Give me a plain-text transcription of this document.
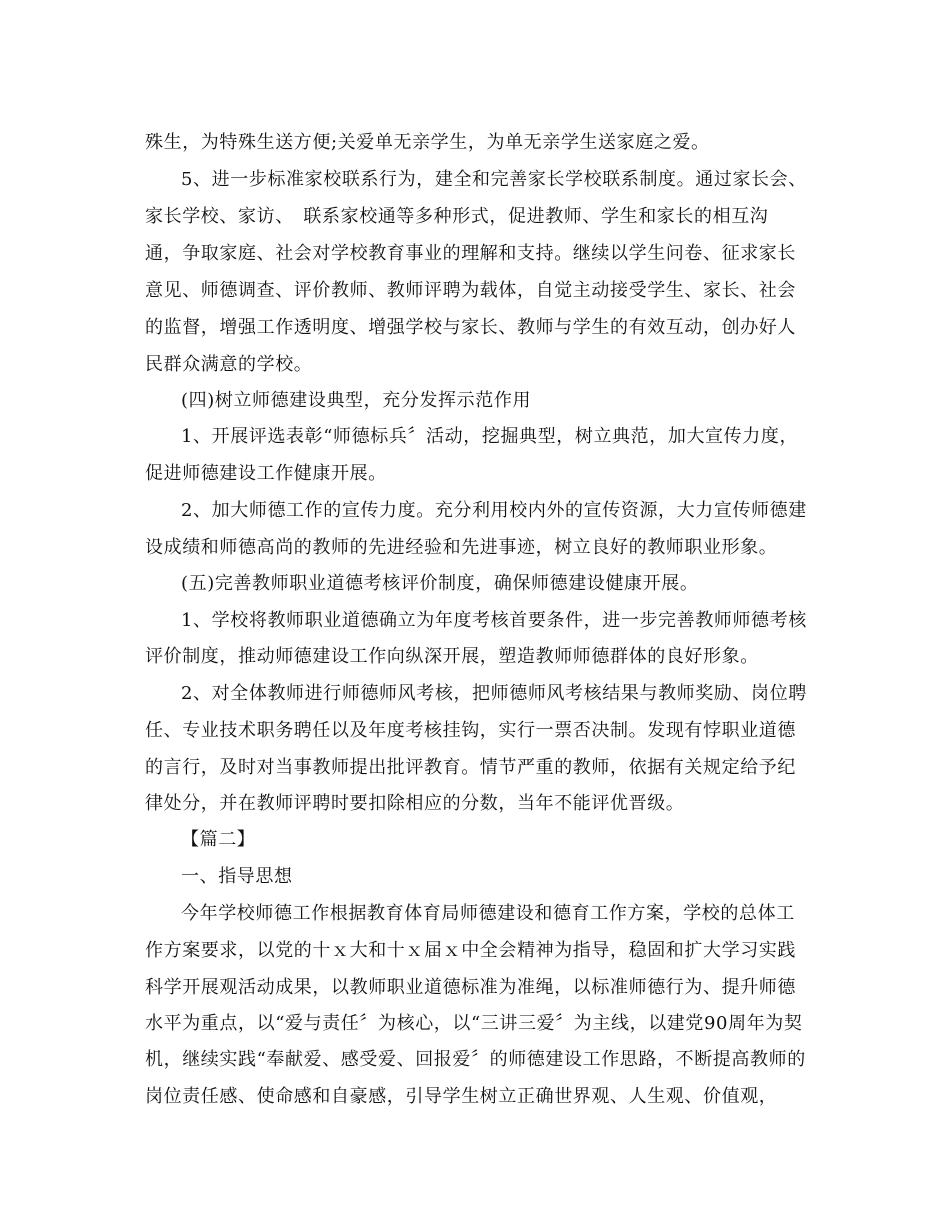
殊生，为特殊生送方便;关爱单无亲学生，为单无亲学生送家庭之爱。
5、进一步标准家校联系行为，建全和完善家长学校联系制度。通过家长会、
家长学校、家访、　联系家校通等多种形式，促进教师、学生和家长的相互沟
通，争取家庭、社会对学校教育事业的理解和支持。继续以学生问卷、征求家长
意见、师德调查、评价教师、教师评聘为载体，自觉主动接受学生、家长、社会
的监督，增强工作透明度、增强学校与家长、教师与学生的有效互动，创办好人
民群众满意的学校。
(四)树立师德建设典型，充分发挥示范作用
1、开展评选表彰“师德标兵〞活动，挖掘典型，树立典范，加大宣传力度，
促进师德建设工作健康开展。
2、加大师德工作的宣传力度。充分利用校内外的宣传资源，大力宣传师德建
设成绩和师德高尚的教师的先进经验和先进事迹，树立良好的教师职业形象。
(五)完善教师职业道德考核评价制度，确保师德建设健康开展。
1、学校将教师职业道德确立为年度考核首要条件，进一步完善教师师德考核
评价制度，推动师德建设工作向纵深开展，塑造教师师德群体的良好形象。
2、对全体教师进行师德师风考核，把师德师风考核结果与教师奖励、岗位聘
任、专业技术职务聘任以及年度考核挂钩，实行一票否决制。发现有悖职业道德
的言行，及时对当事教师提出批评教育。情节严重的教师，依据有关规定给予纪
律处分，并在教师评聘时要扣除相应的分数，当年不能评优晋级。
【篇二】
一、指导思想
今年学校师德工作根据教育体育局师德建设和德育工作方案，学校的总体工
作方案要求，以党的十ｘ大和十ｘ届ｘ中全会精神为指导，稳固和扩大学习实践
科学开展观活动成果，以教师职业道德标准为准绳，以标准师德行为、提升师德
水平为重点，以“爱与责任〞为核心，以“三讲三爱〞为主线，以建党90周年为契
机，继续实践“奉献爱、感受爱、回报爱〞的师德建设工作思路，不断提高教师的
岗位责任感、使命感和自豪感，引导学生树立正确世界观、人生观、价值观，
